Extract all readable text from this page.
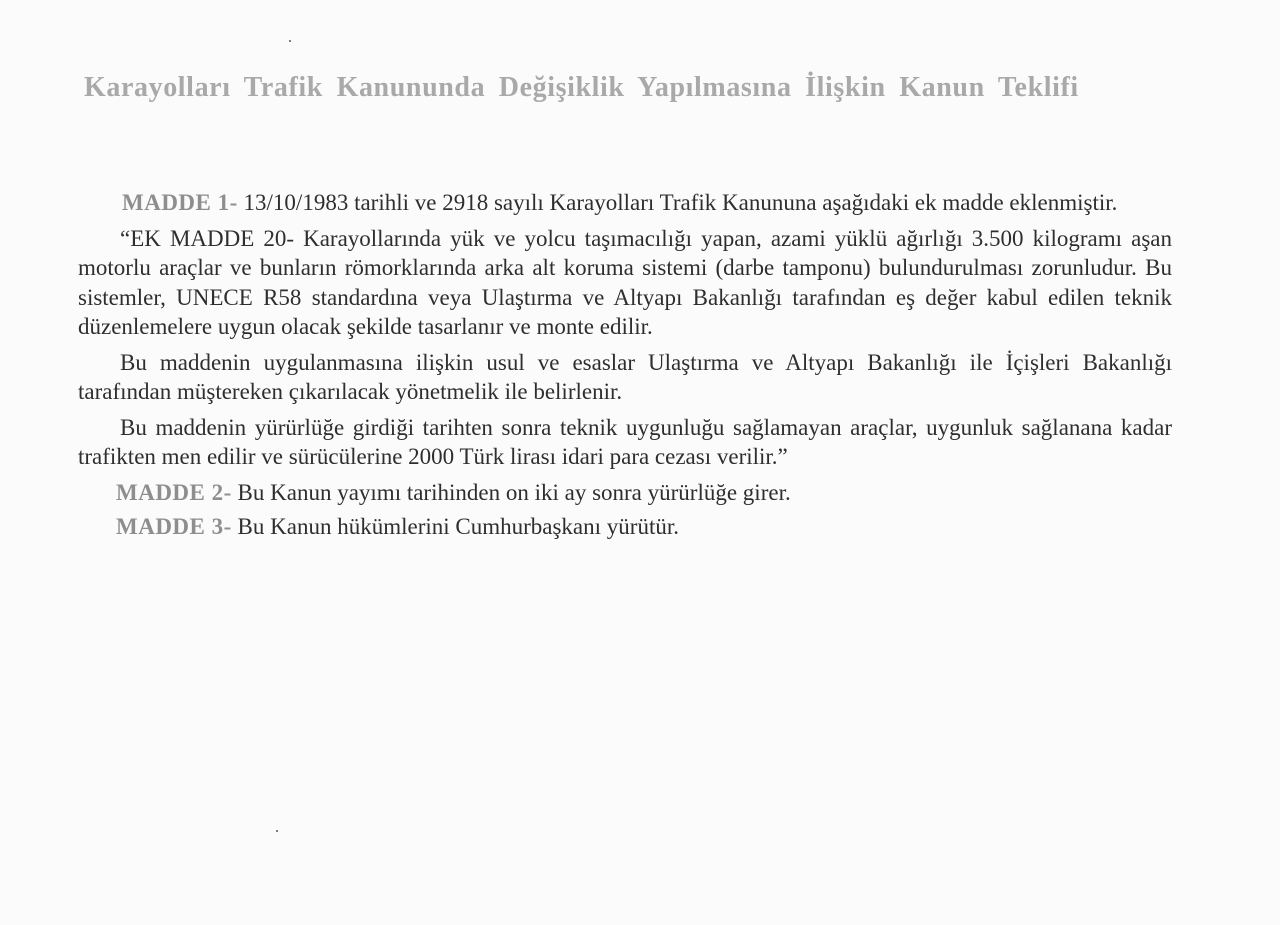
Karayolları Trafik Kanununda Değişiklik Yapılmasına İlişkin Kanun Teklifi

MADDE 1- 13/10/1983 tarihli ve 2918 sayılı Karayolları Trafik Kanununa aşağıdaki ek madde eklenmiştir.

“EK MADDE 20- Karayollarında yük ve yolcu taşımacılığı yapan, azami yüklü ağırlığı 3.500 kilogramı aşan motorlu araçlar ve bunların römorklarında arka alt koruma sistemi (darbe tamponu) bulundurulması zorunludur. Bu sistemler, UNECE R58 standardına veya Ulaştırma ve Altyapı Bakanlığı tarafından eş değer kabul edilen teknik düzenlemelere uygun olacak şekilde tasarlanır ve monte edilir.

Bu maddenin uygulanmasına ilişkin usul ve esaslar Ulaştırma ve Altyapı Bakanlığı ile İçişleri Bakanlığı tarafından müştereken çıkarılacak yönetmelik ile belirlenir.

Bu maddenin yürürlüğe girdiği tarihten sonra teknik uygunluğu sağlamayan araçlar, uygunluk sağlanana kadar trafikten men edilir ve sürücülerine 2000 Türk lirası idari para cezası verilir.”

MADDE 2- Bu Kanun yayımı tarihinden on iki ay sonra yürürlüğe girer.

MADDE 3- Bu Kanun hükümlerini Cumhurbaşkanı yürütür.
